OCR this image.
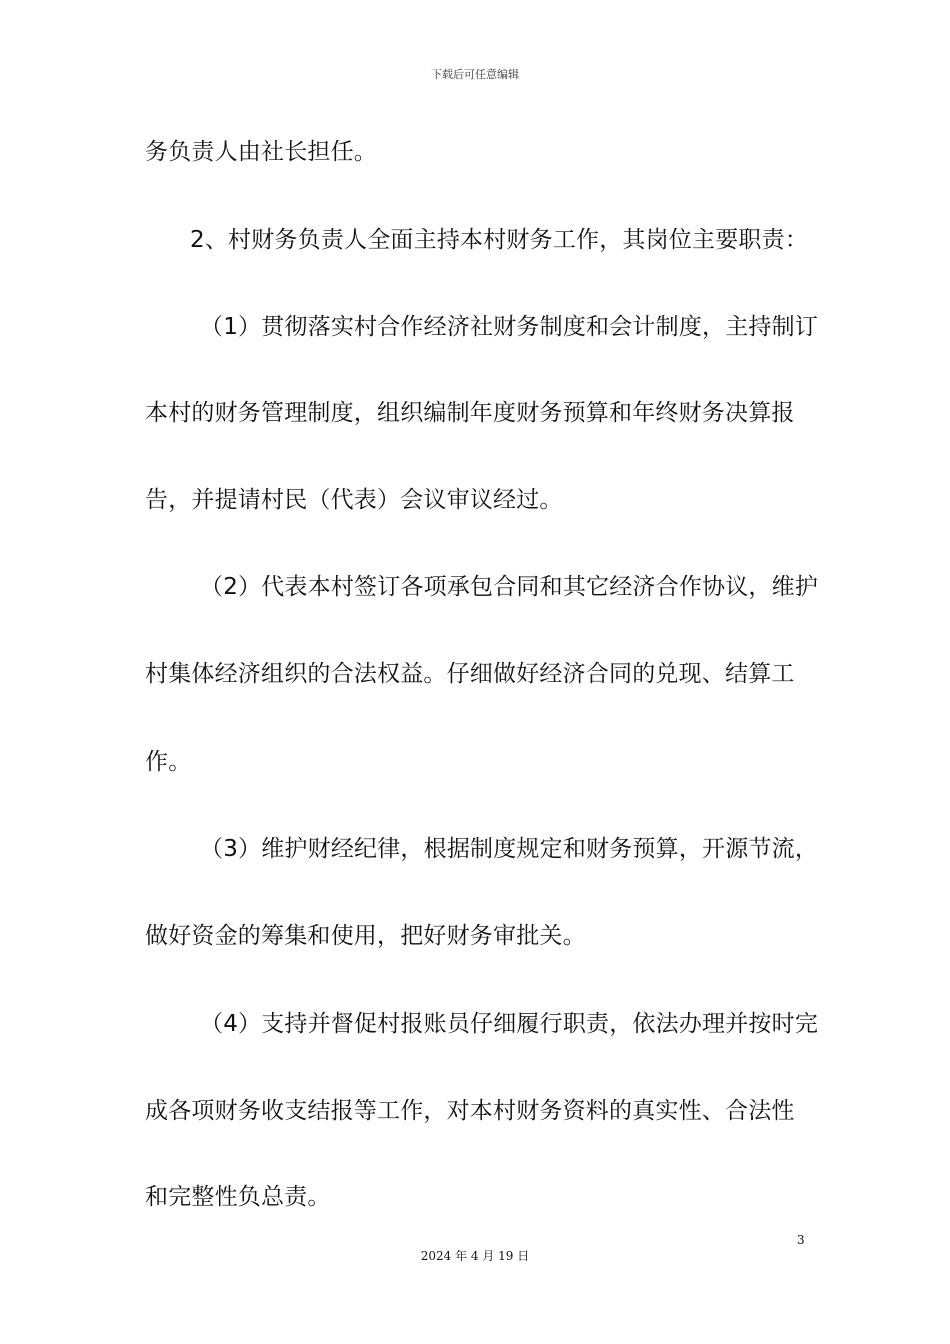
下载后可任意编辑
务负责人由社长担任。
2、村财务负责人全面主持本村财务工作，其岗位主要职责：
（1）贯彻落实村合作经济社财务制度和会计制度，主持制订
本村的财务管理制度，组织编制年度财务预算和年终财务决算报
告，并提请村民（代表）会议审议经过。
（2）代表本村签订各项承包合同和其它经济合作协议，维护
村集体经济组织的合法权益。仔细做好经济合同的兑现、结算工
作。
（3）维护财经纪律，根据制度规定和财务预算，开源节流，
做好资金的筹集和使用，把好财务审批关。
（4）支持并督促村报账员仔细履行职责，依法办理并按时完
成各项财务收支结报等工作，对本村财务资料的真实性、合法性
和完整性负总责。
3
2024 年 4 月 19 日
